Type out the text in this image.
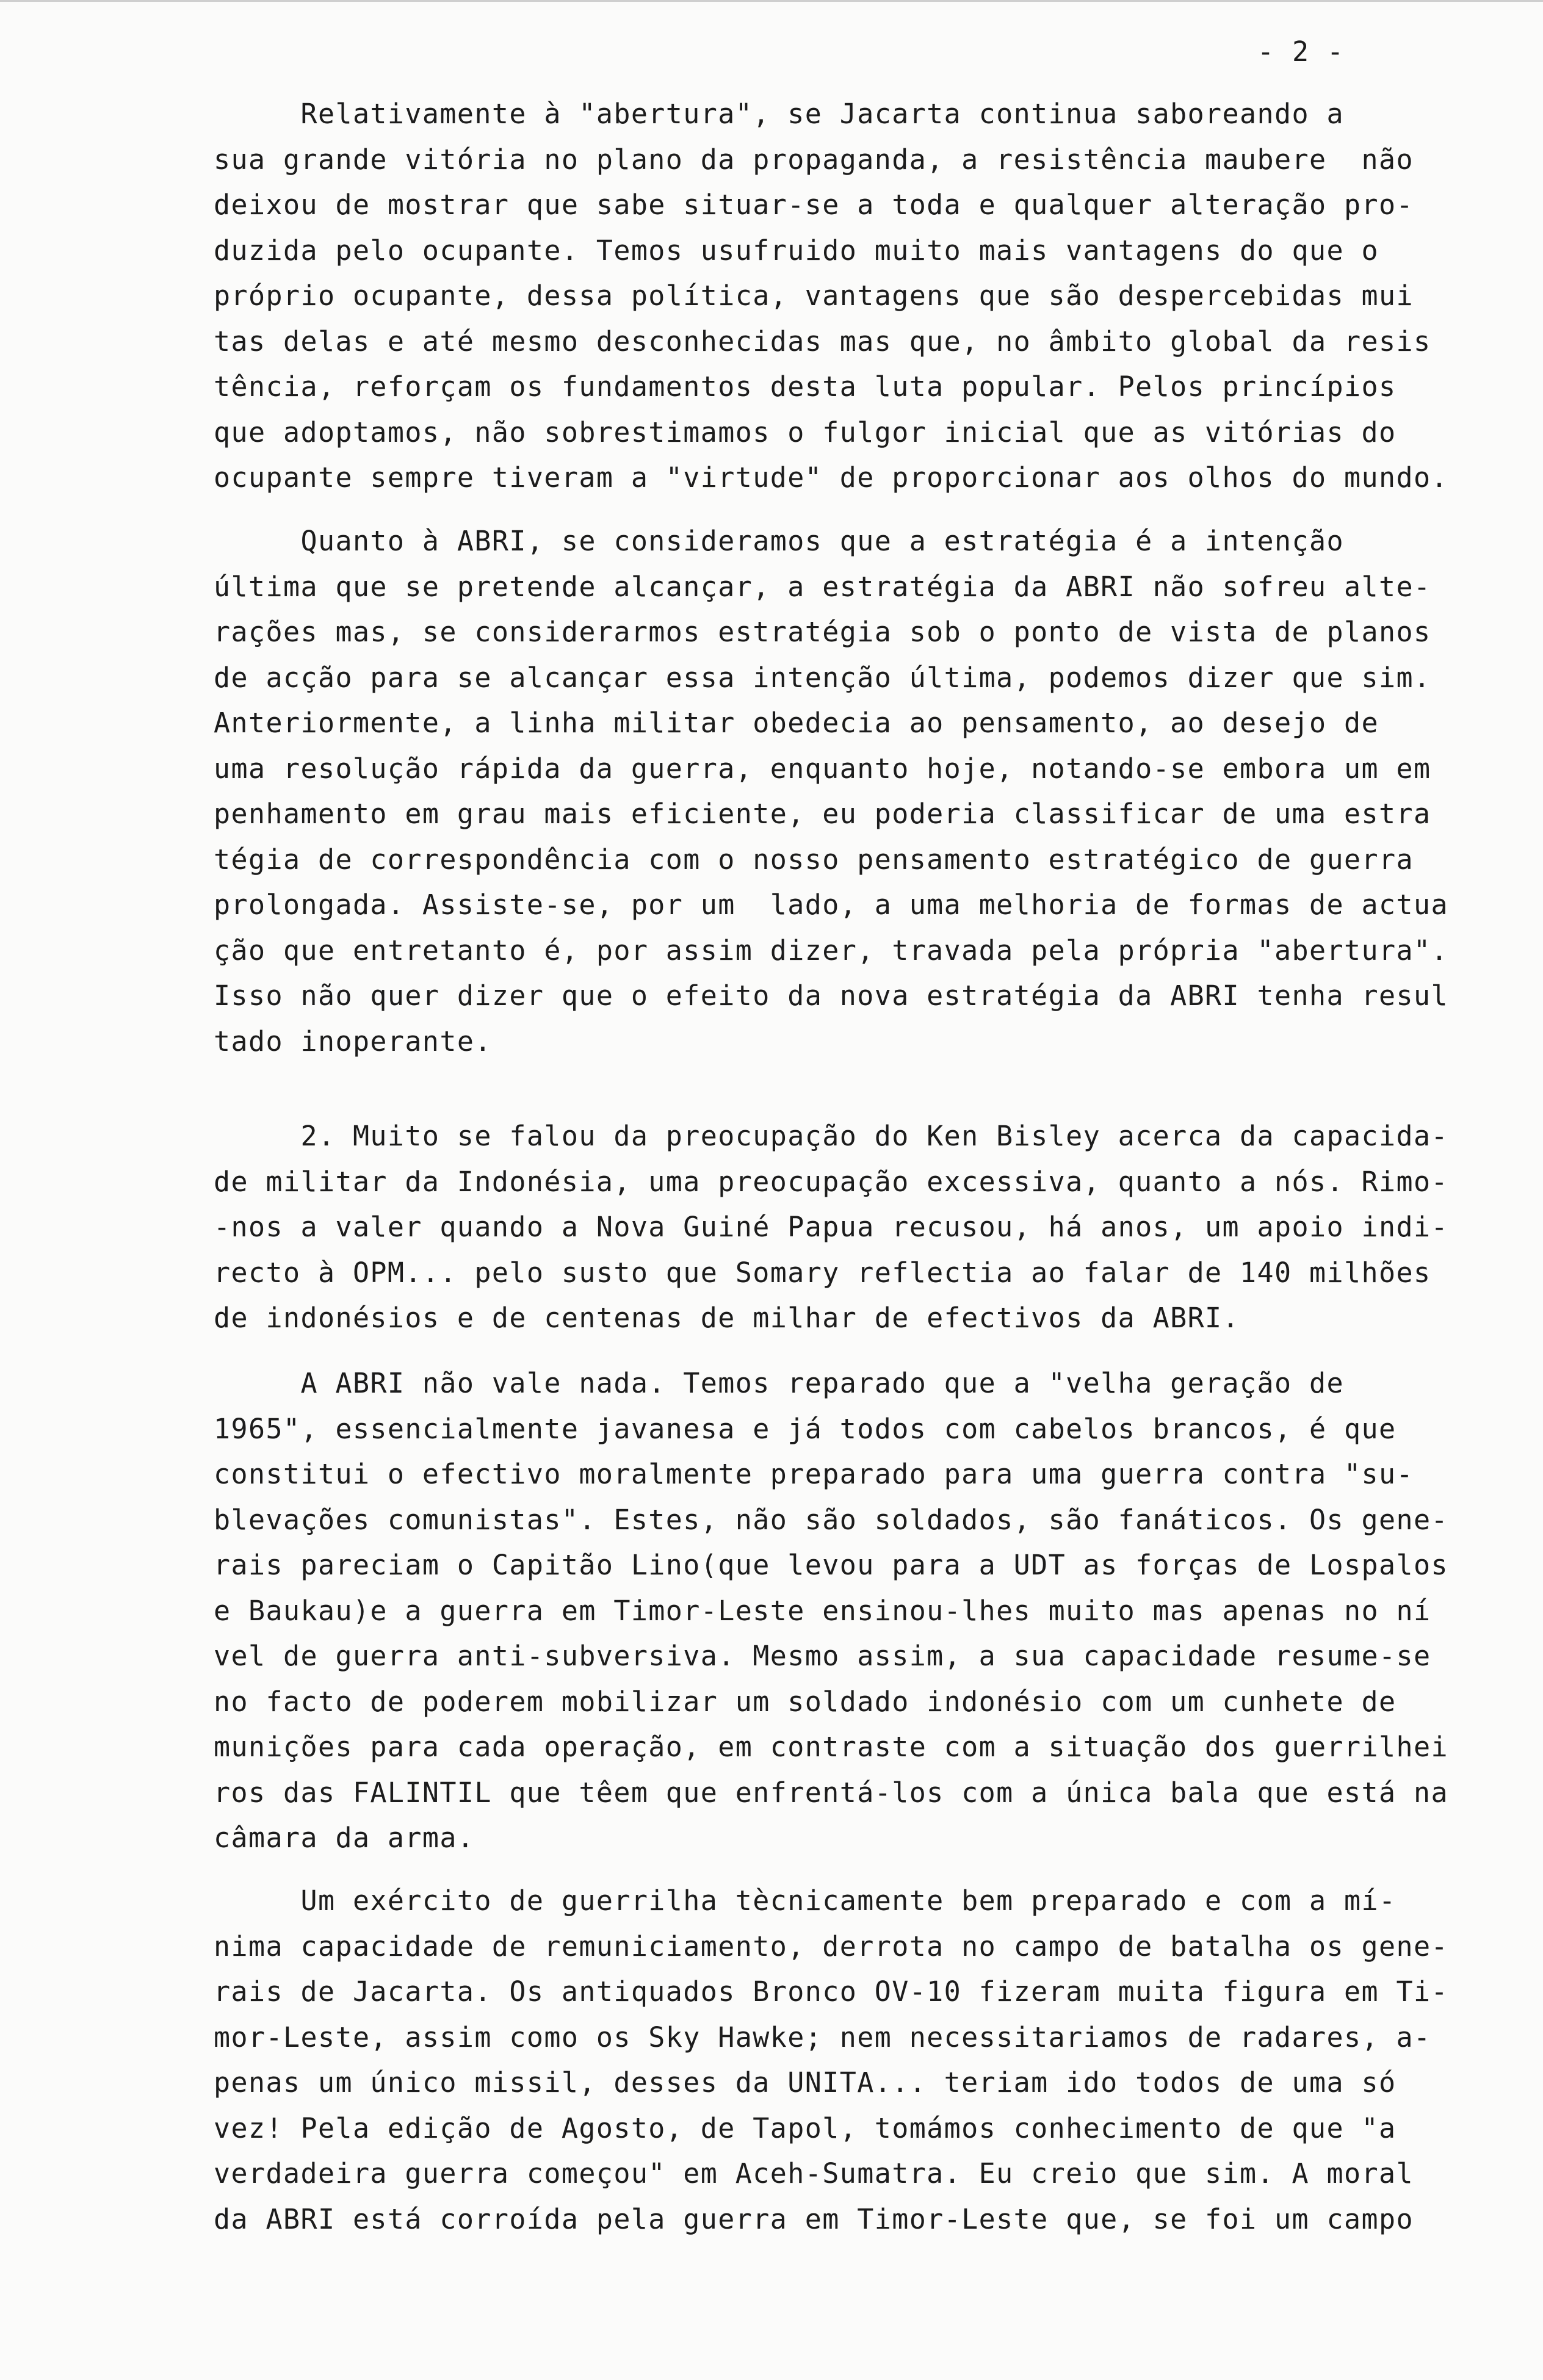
- 2 -
Relativamente à "abertura", se Jacarta continua saboreando a
sua grande vitória no plano da propaganda, a resistência maubere  não
deixou de mostrar que sabe situar-se a toda e qualquer alteração pro-
duzida pelo ocupante. Temos usufruido muito mais vantagens do que o
próprio ocupante, dessa política, vantagens que são despercebidas mui
tas delas e até mesmo desconhecidas mas que, no âmbito global da resis
tência, reforçam os fundamentos desta luta popular. Pelos princípios
que adoptamos, não sobrestimamos o fulgor inicial que as vitórias do
ocupante sempre tiveram a "virtude" de proporcionar aos olhos do mundo.
Quanto à ABRI, se consideramos que a estratégia é a intenção
última que se pretende alcançar, a estratégia da ABRI não sofreu alte-
rações mas, se considerarmos estratégia sob o ponto de vista de planos
de acção para se alcançar essa intenção última, podemos dizer que sim.
Anteriormente, a linha militar obedecia ao pensamento, ao desejo de
uma resolução rápida da guerra, enquanto hoje, notando-se embora um em
penhamento em grau mais eficiente, eu poderia classificar de uma estra
tégia de correspondência com o nosso pensamento estratégico de guerra
prolongada. Assiste-se, por um  lado, a uma melhoria de formas de actua
ção que entretanto é, por assim dizer, travada pela própria "abertura".
Isso não quer dizer que o efeito da nova estratégia da ABRI tenha resul
tado inoperante.
2. Muito se falou da preocupação do Ken Bisley acerca da capacida-
de militar da Indonésia, uma preocupação excessiva, quanto a nós. Rimo-
-nos a valer quando a Nova Guiné Papua recusou, há anos, um apoio indi-
recto à OPM... pelo susto que Somary reflectia ao falar de 140 milhões
de indonésios e de centenas de milhar de efectivos da ABRI.
A ABRI não vale nada. Temos reparado que a "velha geração de
1965", essencialmente javanesa e já todos com cabelos brancos, é que
constitui o efectivo moralmente preparado para uma guerra contra "su-
blevações comunistas". Estes, não são soldados, são fanáticos. Os gene-
rais pareciam o Capitão Lino(que levou para a UDT as forças de Lospalos
e Baukau)e a guerra em Timor-Leste ensinou-lhes muito mas apenas no ní
vel de guerra anti-subversiva. Mesmo assim, a sua capacidade resume-se
no facto de poderem mobilizar um soldado indonésio com um cunhete de
munições para cada operação, em contraste com a situação dos guerrilhei
ros das FALINTIL que têem que enfrentá-los com a única bala que está na
câmara da arma.
Um exército de guerrilha tècnicamente bem preparado e com a mí-
nima capacidade de remuniciamento, derrota no campo de batalha os gene-
rais de Jacarta. Os antiquados Bronco OV-10 fizeram muita figura em Ti-
mor-Leste, assim como os Sky Hawke; nem necessitariamos de radares, a-
penas um único missil, desses da UNITA... teriam ido todos de uma só
vez! Pela edição de Agosto, de Tapol, tomámos conhecimento de que "a
verdadeira guerra começou" em Aceh-Sumatra. Eu creio que sim. A moral
da ABRI está corroída pela guerra em Timor-Leste que, se foi um campo
